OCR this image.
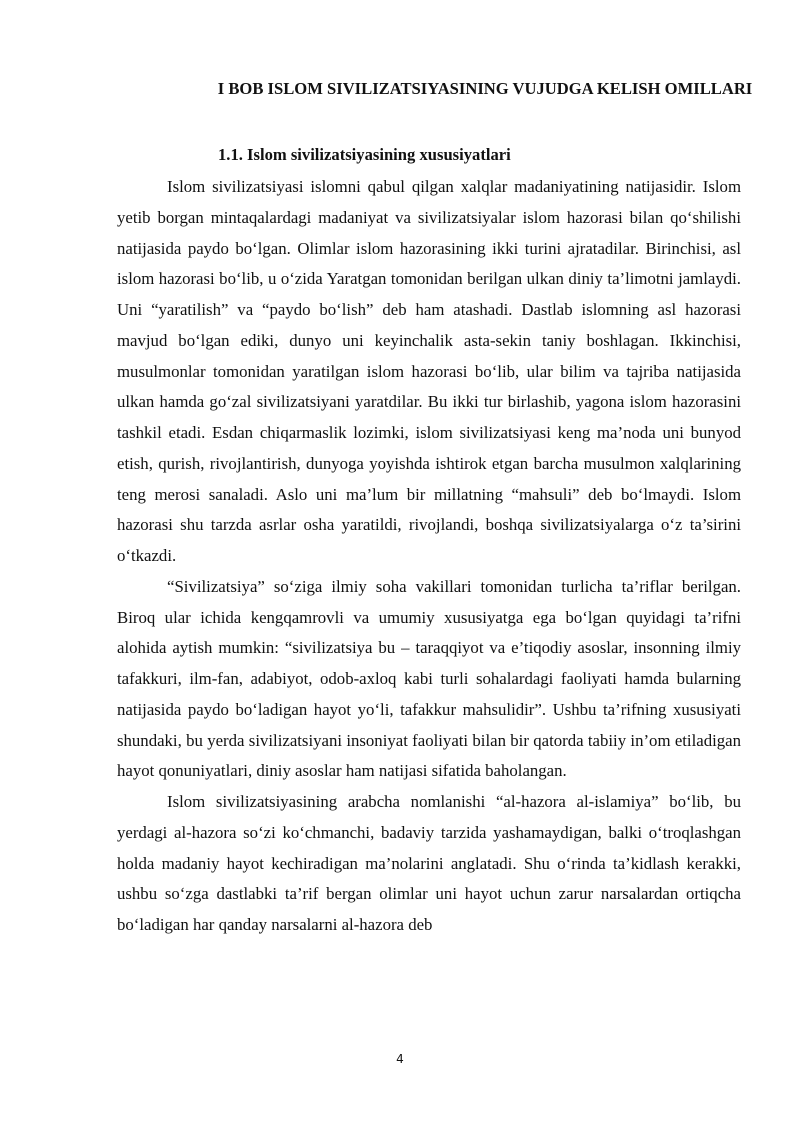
I BOB ISLOM SIVILIZATSIYASINING VUJUDGA KELISH OMILLARI
1.1. Islom sivilizatsiyasining xususiyatlari

Islom sivilizatsiyasi islomni qabul qilgan xalqlar madaniyatining natijasidir. Islom yetib borgan mintaqalardagi madaniyat va sivilizatsiyalar islom hazorasi bilan qo‘shilishi natijasida paydo bo‘lgan. Olimlar islom hazorasining ikki turini ajratadilar. Birinchisi, asl islom hazorasi bo‘lib, u o‘zida Yaratgan tomonidan berilgan ulkan diniy ta’limotni jamlaydi. Uni “yaratilish” va “paydo bo‘lish” deb ham atashadi. Dastlab islomning asl hazorasi mavjud bo‘lgan ediki, dunyo uni keyinchalik asta-sekin taniy boshlagan. Ikkinchisi, musulmonlar tomonidan yaratilgan islom hazorasi bo‘lib, ular bilim va tajriba natijasida ulkan hamda go‘zal sivilizatsiyani yaratdilar. Bu ikki tur birlashib, yagona islom hazorasini tashkil etadi. Esdan chiqarmaslik lozimki, islom sivilizatsiyasi keng ma’noda uni bunyod etish, qurish, rivojlantirish, dunyoga yoyishda ishtirok etgan barcha musulmon xalqlarining teng merosi sanaladi. Aslo uni ma’lum bir millatning “mahsuli” deb bo‘lmaydi. Islom hazorasi shu tarzda asrlar osha yaratildi, rivojlandi, boshqa sivilizatsiyalarga o‘z ta’sirini o‘tkazdi.

“Sivilizatsiya” so‘ziga ilmiy soha vakillari tomonidan turlicha ta’riflar berilgan. Biroq ular ichida kengqamrovli va umumiy xususiyatga ega bo‘lgan quyidagi ta’rifni alohida aytish mumkin: “sivilizatsiya bu – taraqqiyot va e’tiqodiy asoslar, insonning ilmiy tafakkuri, ilm-fan, adabiyot, odob-axloq kabi turli sohalardagi faoliyati hamda bularning natijasida paydo bo‘ladigan hayot yo‘li, tafakkur mahsulidir”. Ushbu ta’rifning xususiyati shundaki, bu yerda sivilizatsiyani insoniyat faoliyati bilan bir qatorda tabiiy in’om etiladigan hayot qonuniyatlari, diniy asoslar ham natijasi sifatida baholangan.

Islom sivilizatsiyasining arabcha nomlanishi “al-hazora al-islamiya” bo‘lib, bu yerdagi al-hazora so‘zi ko‘chmanchi, badaviy tarzida yashamaydigan, balki o‘troqlashgan holda madaniy hayot kechiradigan ma’nolarini anglatadi. Shu o‘rinda ta’kidlash kerakki, ushbu so‘zga dastlabki ta’rif bergan olimlar uni hayot uchun zarur narsalardan ortiqcha bo‘ladigan har qanday narsalarni al-hazora deb

4
